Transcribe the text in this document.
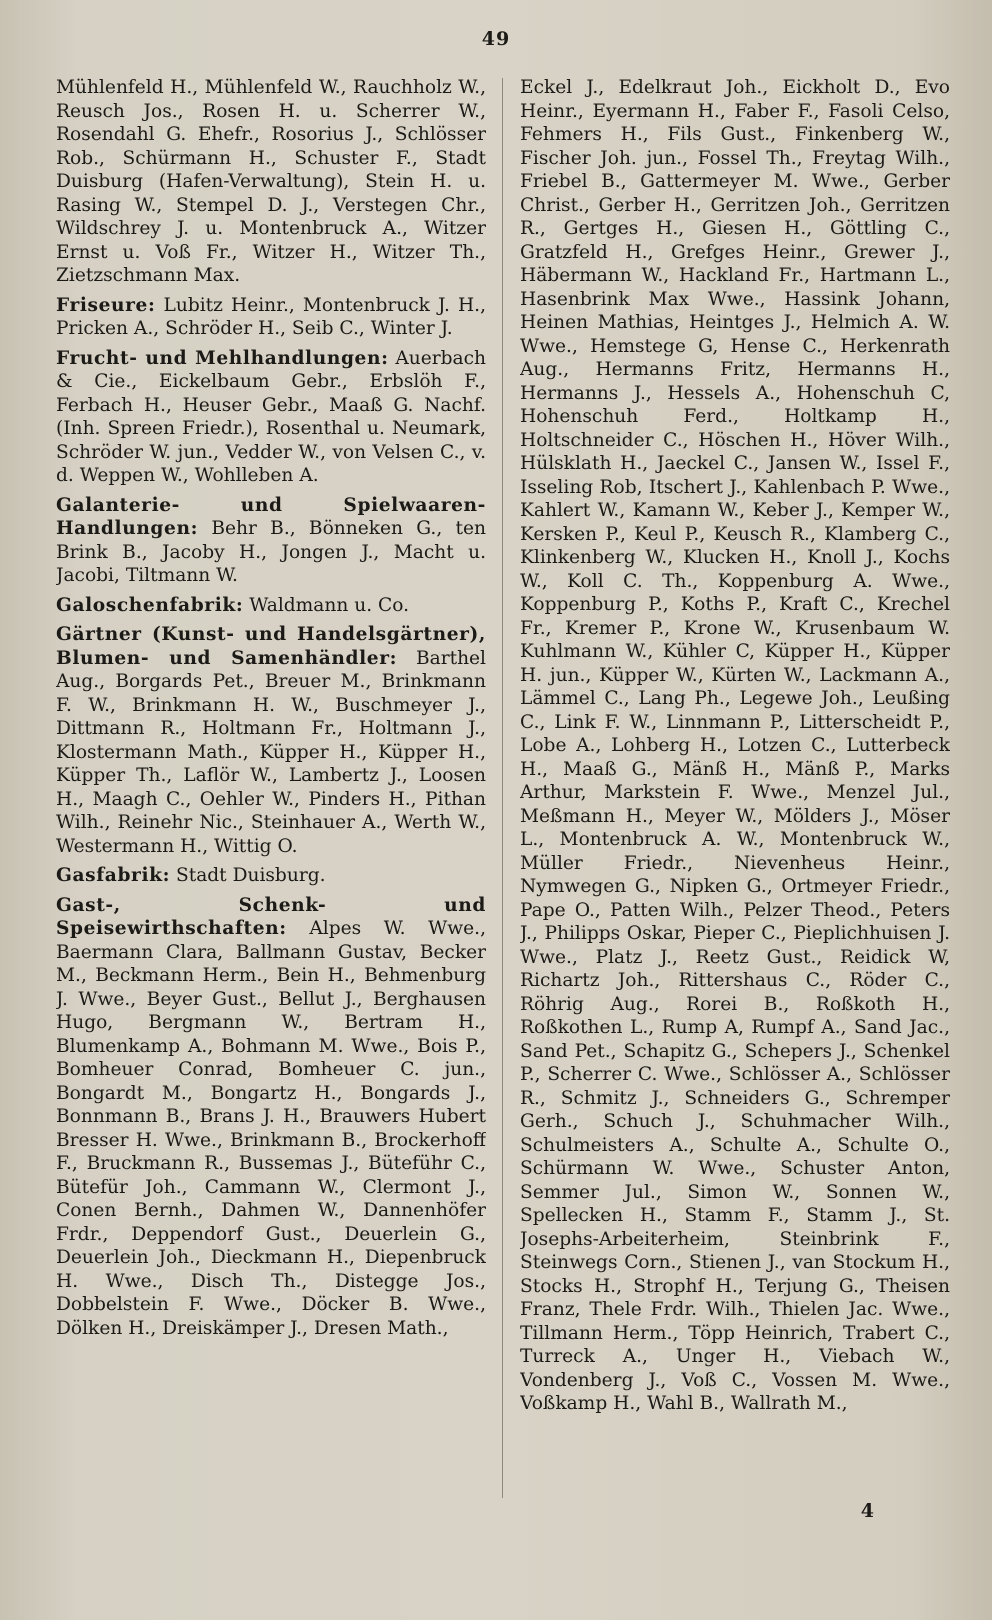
49

Mühlenfeld H., Mühlenfeld W., Rauchholz W., Reusch Jos., Rosen H. u. Scherrer W., Rosendahl G. Ehefr., Rosorius J., Schlösser Rob., Schürmann H., Schuster F., Stadt Duisburg (Hafen-Verwaltung), Stein H. u. Rasing W., Stempel D. J., Verstegen Chr., Wildschrey J. u. Montenbruck A., Witzer Ernst u. Voß Fr., Witzer H., Witzer Th., Zietzschmann Max.

Friseure: Lubitz Heinr., Montenbruck J. H., Pricken A., Schröder H., Seib C., Winter J.

Frucht- und Mehlhandlungen: Auerbach & Cie., Eickelbaum Gebr., Erbslöh F., Ferbach H., Heuser Gebr., Maaß G. Nachf. (Inh. Spreen Friedr.), Rosenthal u. Neumark, Schröder W. jun., Vedder W., von Velsen C., v. d. Weppen W., Wohlleben A.

Galanterie- und Spielwaaren-Handlungen: Behr B., Bönneken G., ten Brink B., Jacoby H., Jongen J., Macht u. Jacobi, Tiltmann W.

Galoschenfabrik: Waldmann u. Co.

Gärtner (Kunst- und Handelsgärtner), Blumen- und Samenhändler: Barthel Aug., Borgards Pet., Breuer M., Brinkmann F. W., Brinkmann H. W., Buschmeyer J., Dittmann R., Holtmann Fr., Holtmann J., Klostermann Math., Küpper H., Küpper H., Küpper Th., Laflör W., Lambertz J., Loosen H., Maagh C., Oehler W., Pinders H., Pithan Wilh., Reinehr Nic., Steinhauer A., Werth W., Westermann H., Wittig O.

Gasfabrik: Stadt Duisburg.

Gast-, Schenk- und Speisewirthschaften: Alpes W. Wwe., Baermann Clara, Ballmann Gustav, Becker M., Beckmann Herm., Bein H., Behmenburg J. Wwe., Beyer Gust., Bellut J., Berghausen Hugo, Bergmann W., Bertram H., Blumenkamp A., Bohmann M. Wwe., Bois P., Bomheuer Conrad, Bomheuer C. jun., Bongardt M., Bongartz H., Bongards J., Bonnmann B., Brans J. H., Brauwers Hubert Bresser H. Wwe., Brinkmann B., Brockerhoff F., Bruckmann R., Bussemas J., Büteführ C., Bütefür Joh., Cammann W., Clermont J., Conen Bernh., Dahmen W., Dannenhöfer Frdr., Deppendorf Gust., Deuerlein G., Deuerlein Joh., Dieckmann H., Diepenbruck H. Wwe., Disch Th., Distegge Jos., Dobbelstein F. Wwe., Döcker B. Wwe., Dölken H., Dreiskämper J., Dresen Math.,

Eckel J., Edelkraut Joh., Eickholt D., Evo Heinr., Eyermann H., Faber F., Fasoli Celso, Fehmers H., Fils Gust., Finkenberg W., Fischer Joh. jun., Fossel Th., Freytag Wilh., Friebel B., Gattermeyer M. Wwe., Gerber Christ., Gerber H., Gerritzen Joh., Gerritzen R., Gertges H., Giesen H., Göttling C., Gratzfeld H., Grefges Heinr., Grewer J., Häbermann W., Hackland Fr., Hartmann L., Hasenbrink Max Wwe., Hassink Johann, Heinen Mathias, Heintges J., Helmich A. W. Wwe., Hemstege G, Hense C., Herkenrath Aug., Hermanns Fritz, Hermanns H., Hermanns J., Hessels A., Hohenschuh C, Hohenschuh Ferd., Holtkamp H., Holtschneider C., Höschen H., Höver Wilh., Hülsklath H., Jaeckel C., Jansen W., Issel F., Isseling Rob, Itschert J., Kahlenbach P. Wwe., Kahlert W., Kamann W., Keber J., Kemper W., Kersken P., Keul P., Keusch R., Klamberg C., Klinkenberg W., Klucken H., Knoll J., Kochs W., Koll C. Th., Koppenburg A. Wwe., Koppenburg P., Koths P., Kraft C., Krechel Fr., Kremer P., Krone W., Krusenbaum W. Kuhlmann W., Kühler C, Küpper H., Küpper H. jun., Küpper W., Kürten W., Lackmann A., Lämmel C., Lang Ph., Legewe Joh., Leußing C., Link F. W., Linnmann P., Litterscheidt P., Lobe A., Lohberg H., Lotzen C., Lutterbeck H., Maaß G., Mänß H., Mänß P., Marks Arthur, Markstein F. Wwe., Menzel Jul., Meßmann H., Meyer W., Mölders J., Möser L., Montenbruck A. W., Montenbruck W., Müller Friedr., Nievenheus Heinr., Nymwegen G., Nipken G., Ortmeyer Friedr., Pape O., Patten Wilh., Pelzer Theod., Peters J., Philipps Oskar, Pieper C., Pieplichhuisen J. Wwe., Platz J., Reetz Gust., Reidick W, Richartz Joh., Rittershaus C., Röder C., Röhrig Aug., Rorei B., Roßkoth H., Roßkothen L., Rump A, Rumpf A., Sand Jac., Sand Pet., Schapitz G., Schepers J., Schenkel P., Scherrer C. Wwe., Schlösser A., Schlösser R., Schmitz J., Schneiders G., Schremper Gerh., Schuch J., Schuhmacher Wilh., Schulmeisters A., Schulte A., Schulte O., Schürmann W. Wwe., Schuster Anton, Semmer Jul., Simon W., Sonnen W., Spellecken H., Stamm F., Stamm J., St. Josephs-Arbeiterheim, Steinbrink F., Steinwegs Corn., Stienen J., van Stockum H., Stocks H., Strophf H., Terjung G., Theisen Franz, Thele Frdr. Wilh., Thielen Jac. Wwe., Tillmann Herm., Töpp Heinrich, Trabert C., Turreck A., Unger H., Viebach W., Vondenberg J., Voß C., Vossen M. Wwe., Voßkamp H., Wahl B., Wallrath M.,

4
